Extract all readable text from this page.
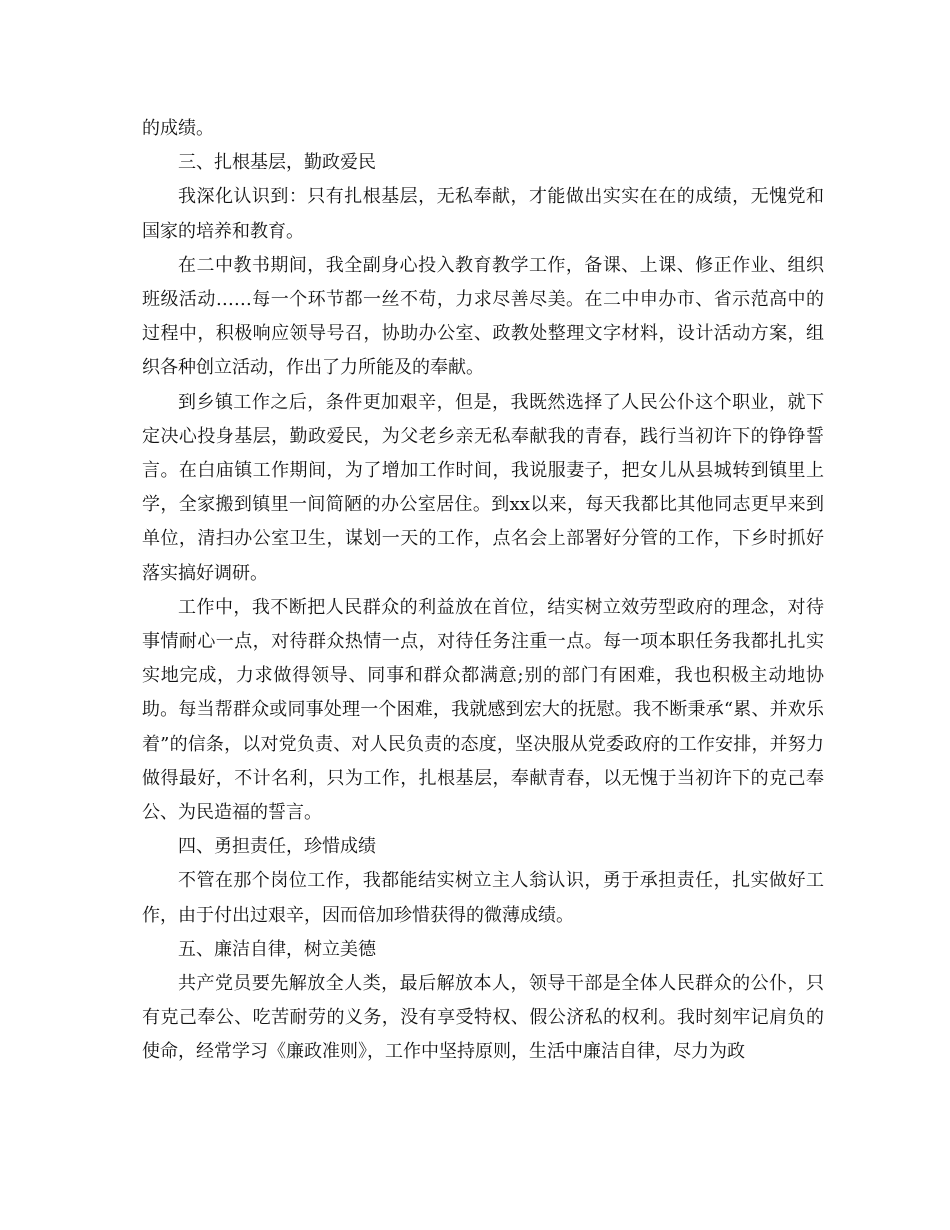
的成绩。

三、扎根基层，勤政爱民

我深化认识到：只有扎根基层，无私奉献，才能做出实实在在的成绩，无愧党和国家的培养和教育。

在二中教书期间，我全副身心投入教育教学工作，备课、上课、修正作业、组织班级活动……每一个环节都一丝不苟，力求尽善尽美。在二中申办市、省示范高中的过程中，积极响应领导号召，协助办公室、政教处整理文字材料，设计活动方案，组织各种创立活动，作出了力所能及的奉献。

到乡镇工作之后，条件更加艰辛，但是，我既然选择了人民公仆这个职业，就下定决心投身基层，勤政爱民，为父老乡亲无私奉献我的青春，践行当初许下的铮铮誓言。在白庙镇工作期间，为了增加工作时间，我说服妻子，把女儿从县城转到镇里上学，全家搬到镇里一间简陋的办公室居住。到xx以来，每天我都比其他同志更早来到单位，清扫办公室卫生，谋划一天的工作，点名会上部署好分管的工作，下乡时抓好落实搞好调研。

工作中，我不断把人民群众的利益放在首位，结实树立效劳型政府的理念，对待事情耐心一点，对待群众热情一点，对待任务注重一点。每一项本职任务我都扎扎实实地完成，力求做得领导、同事和群众都满意;别的部门有困难，我也积极主动地协助。每当帮群众或同事处理一个困难，我就感到宏大的抚慰。我不断秉承“累、并欢乐着”的信条，以对党负责、对人民负责的态度，坚决服从党委政府的工作安排，并努力做得最好，不计名利，只为工作，扎根基层，奉献青春，以无愧于当初许下的克己奉公、为民造福的誓言。

四、勇担责任，珍惜成绩

不管在那个岗位工作，我都能结实树立主人翁认识，勇于承担责任，扎实做好工作，由于付出过艰辛，因而倍加珍惜获得的微薄成绩。

五、廉洁自律，树立美德

共产党员要先解放全人类，最后解放本人，领导干部是全体人民群众的公仆，只有克己奉公、吃苦耐劳的义务，没有享受特权、假公济私的权利。我时刻牢记肩负的使命，经常学习《廉政准则》，工作中坚持原则，生活中廉洁自律，尽力为政
